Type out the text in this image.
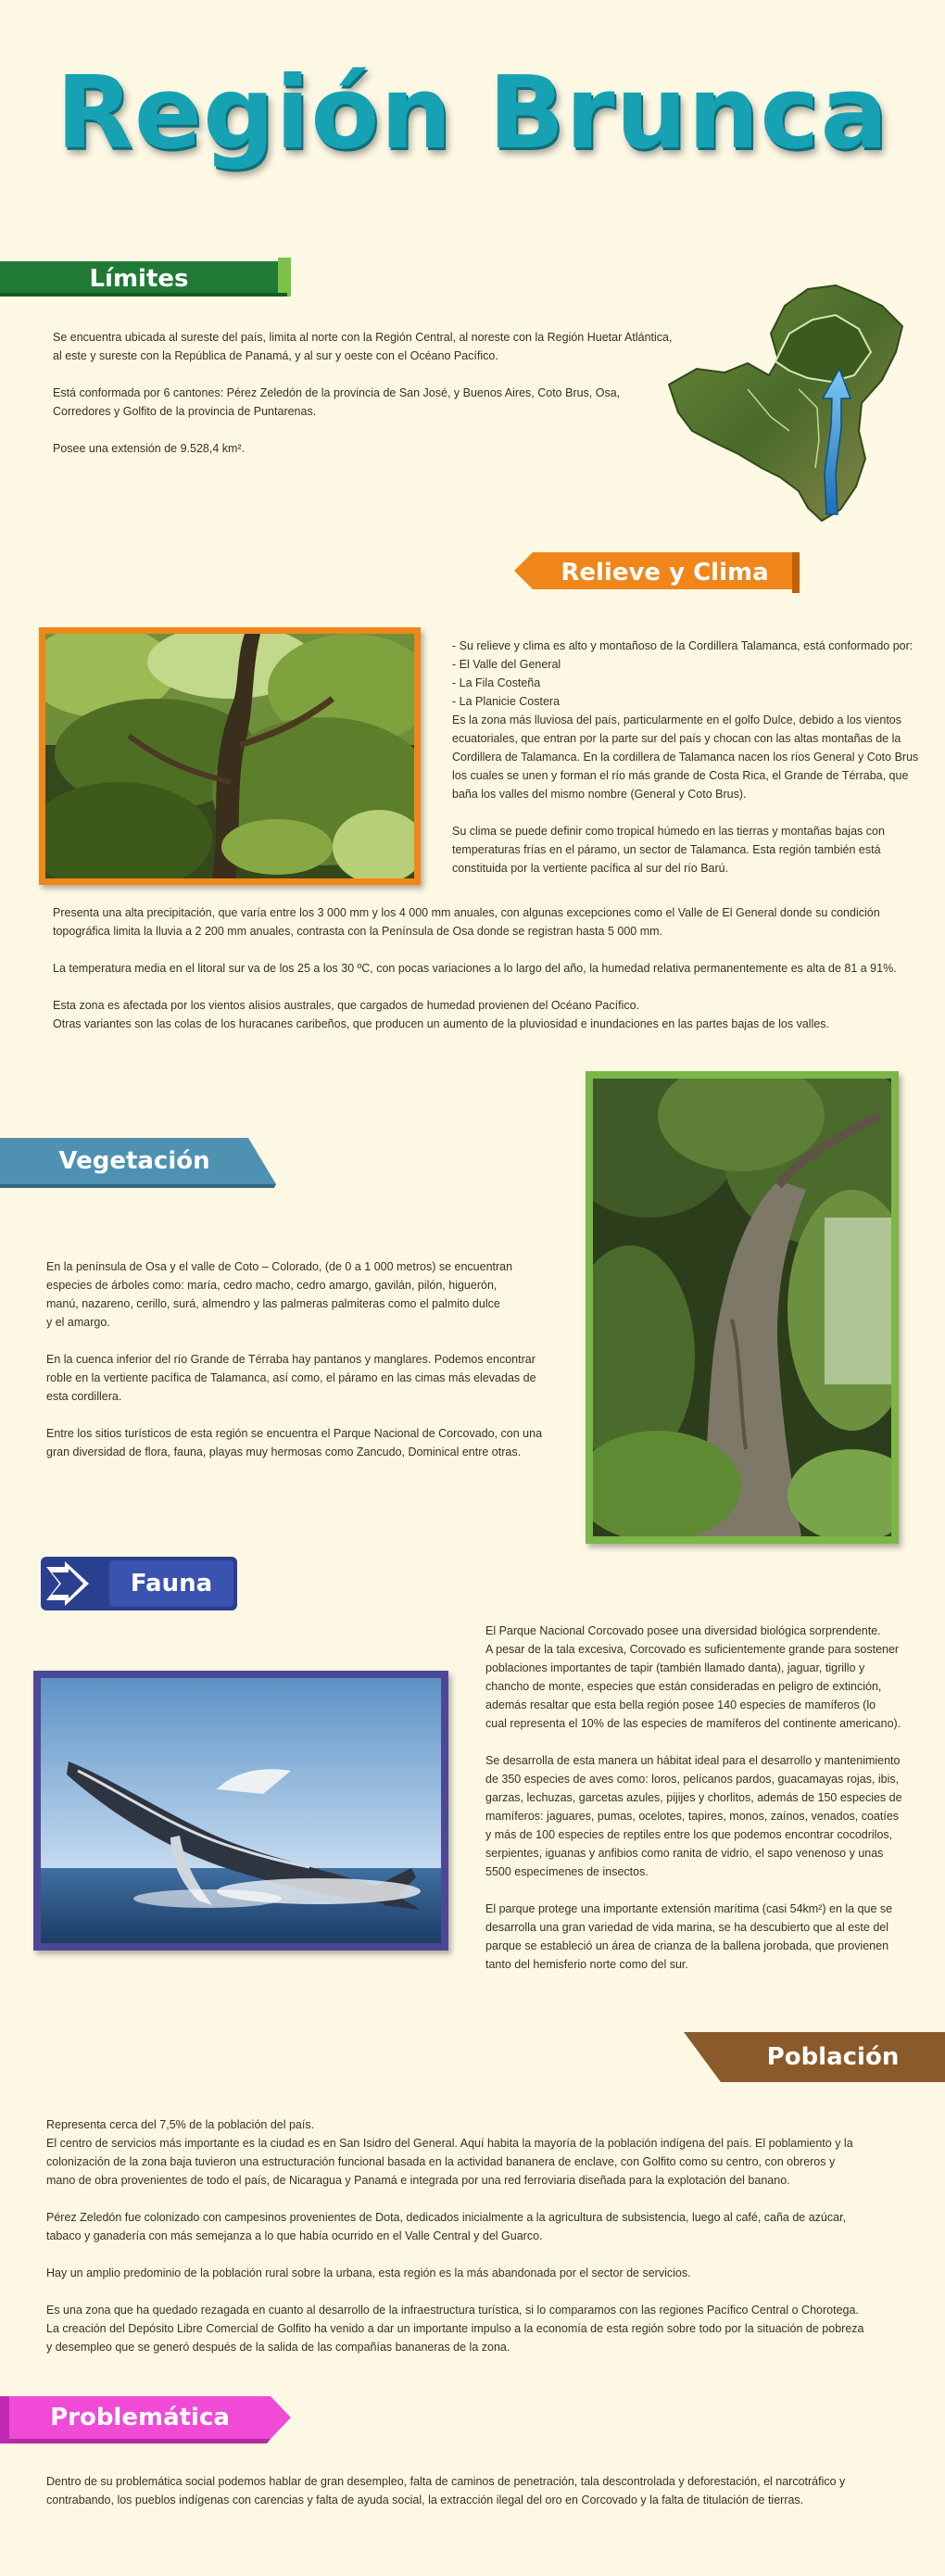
Región Brunca
Límites
Se encuentra ubicada al sureste del país, limita al norte con la Región Central, al noreste con la Región Huetar Atlántica,
al este y sureste con la República de Panamá, y al sur y oeste con el Océano Pacífico.
Está conformada por 6 cantones: Pérez Zeledón de la provincia de San José, y Buenos Aires, Coto Brus, Osa,
Corredores y Golfito de la provincia de Puntarenas.
Posee una extensión de 9.528,4 km².
Relieve y Clima
- Su relieve y clima es alto y montañoso de la Cordillera Talamanca, está conformado por:
- El Valle del General
- La Fila Costeña
- La Planicie Costera
Es la zona más lluviosa del país, particularmente en el golfo Dulce, debido a los vientos
ecuatoriales, que entran por la parte sur del país y chocan con las altas montañas de la
Cordillera de Talamanca. En la cordillera de Talamanca nacen los ríos General y Coto Brus
los cuales se unen y forman el río más grande de Costa Rica, el Grande de Térraba, que
baña los valles del mismo nombre (General y Coto Brus).
Su clima se puede definir como tropical húmedo en las tierras y montañas bajas con
temperaturas frías en el páramo, un sector de Talamanca. Esta región también está
constituida por la vertiente pacífica al sur del río Barú.
Presenta una alta precipitación, que varía entre los 3 000 mm y los 4 000 mm anuales, con algunas excepciones como el Valle de El General donde su condición
topográfica limita la lluvia a 2 200 mm anuales, contrasta con la Península de Osa donde se registran hasta 5 000 mm.
La temperatura media en el litoral sur va de los 25 a los 30 ºC, con pocas variaciones a lo largo del año, la humedad relativa permanentemente es alta de 81 a 91%.
Esta zona es afectada por los vientos alisios australes, que cargados de humedad provienen del Océano Pacífico.
Otras variantes son las colas de los huracanes caribeños, que producen un aumento de la pluviosidad e inundaciones en las partes bajas de los valles.
Vegetación
En la península de Osa y el valle de Coto – Colorado, (de 0 a 1 000 metros) se encuentran
especies de árboles como: maría, cedro macho, cedro amargo, gavilán, pilón, higuerón,
manú, nazareno, cerillo, surá, almendro y las palmeras palmiteras como el palmito dulce
y el amargo.
En la cuenca inferior del río Grande de Térraba hay pantanos y manglares. Podemos encontrar
roble en la vertiente pacífica de Talamanca, así como, el páramo en las cimas más elevadas de
esta cordillera.
Entre los sitios turísticos de esta región se encuentra el Parque Nacional de Corcovado, con una
gran diversidad de flora, fauna, playas muy hermosas como Zancudo, Dominical entre otras.
Fauna
El Parque Nacional Corcovado posee una diversidad biológica sorprendente.
A pesar de la tala excesiva, Corcovado es suficientemente grande para sostener
poblaciones importantes de tapir (también llamado danta), jaguar, tigrillo y
chancho de monte, especies que están consideradas en peligro de extinción,
además resaltar que esta bella región posee 140 especies de mamíferos (lo
cual representa el 10% de las especies de mamíferos del continente americano).
Se desarrolla de esta manera un hábitat ideal para el desarrollo y mantenimiento
de 350 especies de aves como: loros, pelícanos pardos, guacamayas rojas, ibis,
garzas, lechuzas, garcetas azules, pijijes y chorlitos, además de 150 especies de
mamíferos: jaguares, pumas, ocelotes, tapires, monos, zaínos, venados, coatíes
y más de 100 especies de reptiles entre los que podemos encontrar cocodrilos,
serpientes, iguanas y anfibios como ranita de vidrio, el sapo venenoso y unas
5500 especímenes de insectos.
El parque protege una importante extensión marítima (casi 54km²) en la que se
desarrolla una gran variedad de vida marina, se ha descubierto que al este del
parque se estableció un área de crianza de la ballena jorobada, que provienen
tanto del hemisferio norte como del sur.
Población
Representa cerca del 7,5% de la población del país.
El centro de servicios más importante es la ciudad es en San Isidro del General. Aquí habita la mayoría de la población indígena del país. El poblamiento y la
colonización de la zona baja tuvieron una estructuración funcional basada en la actividad bananera de enclave, con Golfito como su centro, con obreros y
mano de obra provenientes de todo el país, de Nicaragua y Panamá e integrada por una red ferroviaria diseñada para la explotación del banano.
Pérez Zeledón fue colonizado con campesinos provenientes de Dota, dedicados inicialmente a la agricultura de subsistencia, luego al café, caña de azúcar,
tabaco y ganadería con más semejanza a lo que había ocurrido en el Valle Central y del Guarco.
Hay un amplio predominio de la población rural sobre la urbana, esta región es la más abandonada por el sector de servicios.
Es una zona que ha quedado rezagada en cuanto al desarrollo de la infraestructura turística, si lo comparamos con las regiones Pacífico Central o Chorotega.
La creación del Depósito Libre Comercial de Golfito ha venido a dar un importante impulso a la economía de esta región sobre todo por la situación de pobreza
y desempleo que se generó después de la salida de las compañías bananeras de la zona.
Problemática
Dentro de su problemática social podemos hablar de gran desempleo, falta de caminos de penetración, tala descontrolada y deforestación, el narcotráfico y
contrabando, los pueblos indígenas con carencias y falta de ayuda social, la extracción ilegal del oro en Corcovado y la falta de titulación de tierras.
